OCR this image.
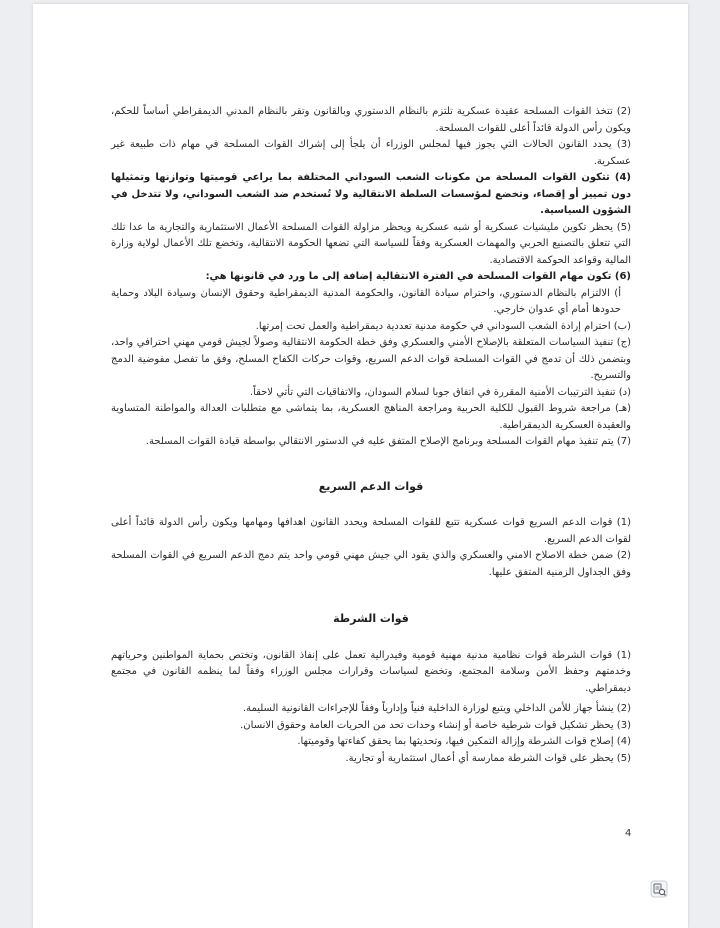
(2) تتخذ القوات المسلحة عقيدة عسكرية تلتزم بالنظام الدستوري وبالقانون وتقر بالنظام المدني الديمقراطي أساساً للحكم، ويكون رأس الدولة قائداً أعلى للقوات المسلحة.

(3) يحدد القانون الحالات التي يجوز فيها لمجلس الوزراء أن يلجأ إلى إشراك القوات المسلحة في مهام ذات طبيعة غير عسكرية.

(4) تتكون القوات المسلحة من مكونات الشعب السوداني المختلفة بما يراعي قوميتها وتوازنها وتمثيلها دون تمييز أو إقصاء، وتخضع لمؤسسات السلطة الانتقالية ولا تُستخدم ضد الشعب السوداني، ولا تتدخل في الشؤون السياسية.

(5) يحظر تكوين مليشيات عسكرية أو شبه عسكرية ويحظر مزاولة القوات المسلحة الأعمال الاستثمارية والتجارية ما عدا تلك التي تتعلق بالتصنيع الحربي والمهمات العسكرية وفقاً للسياسة التي تضعها الحكومة الانتقالية، وتخضع تلك الأعمال لولاية وزارة المالية وقواعد الحوكمة الاقتصادية.

(6) تكون مهام القوات المسلحة في الفترة الانتقالية إضافة إلى ما ورد في قانونها هي:

أ) الالتزام بالنظام الدستوري، واحترام سيادة القانون، والحكومة المدنية الديمقراطية وحقوق الإنسان وسيادة البلاد وحماية حدودها أمام أي عدوان خارجي.

(ب) احترام إرادة الشعب السوداني في حكومة مدنية تعددية ديمقراطية والعمل تحت إمرتها.

(ج) تنفيذ السياسات المتعلقة بالإصلاح الأمني والعسكري وفق خطة الحكومة الانتقالية وصولاً لجيش قومي مهني احترافي واحد، وبتضمن ذلك أن تدمج في القوات المسلحة قوات الدعم السريع، وقوات حركات الكفاح المسلح، وفق ما تفصل مفوضية الدمج والتسريح.

(د) تنفيذ الترتيبات الأمنية المقررة في اتفاق جوبا لسلام السودان، والاتفاقيات التي تأتي لاحقاً.

(هـ) مراجعة شروط القبول للكلية الحربية ومراجعة المناهج العسكرية، بما يتماشى مع متطلبات العدالة والمواطنة المتساوية والعقيدة العسكرية الديمقراطية.

(7) يتم تنفيذ مهام القوات المسلحة وبرنامج الإصلاح المتفق عليه في الدستور الانتقالي بواسطة قيادة القوات المسلحة.

قوات الدعم السريع

(1) قوات الدعم السريع قوات عسكرية تتبع للقوات المسلحة ويحدد القانون اهدافها ومهامها ويكون رأس الدولة قائداً أعلى لقوات الدعم السريع.

(2) ضمن خطة الاصلاح الامني والعسكري والذي يقود الي جيش مهني قومي واحد يتم دمج الدعم السريع في القوات المسلحة وفق الجداول الزمنية المتفق عليها.

قوات الشرطة

(1) قوات الشرطة قوات نظامية مدنية مهنية قومية وفيدرالية تعمل على إنفاذ القانون، وتختص بحماية المواطنين وحرياتهم وخدمتهم وحفظ الأمن وسلامة المجتمع، وتخضع لسياسات وقرارات مجلس الوزراء وفقاً لما ينظمه القانون في مجتمع ديمقراطي.

(2) ينشأ جهاز للأمن الداخلي ويتبع لوزارة الداخلية فنياً وإدارياً وفقاً للإجراءات القانونية السليمة.

(3) يحظر تشكيل قوات شرطية خاصة أو إنشاء وحدات تحد من الحريات العامة وحقوق الانسان.

(4) إصلاح قوات الشرطة وإزالة التمكين فيها، وتحديثها بما يحقق كفاءتها وقوميتها.

(5) يحظر على قوات الشرطة ممارسة أي أعمال استثمارية أو تجارية.

4
